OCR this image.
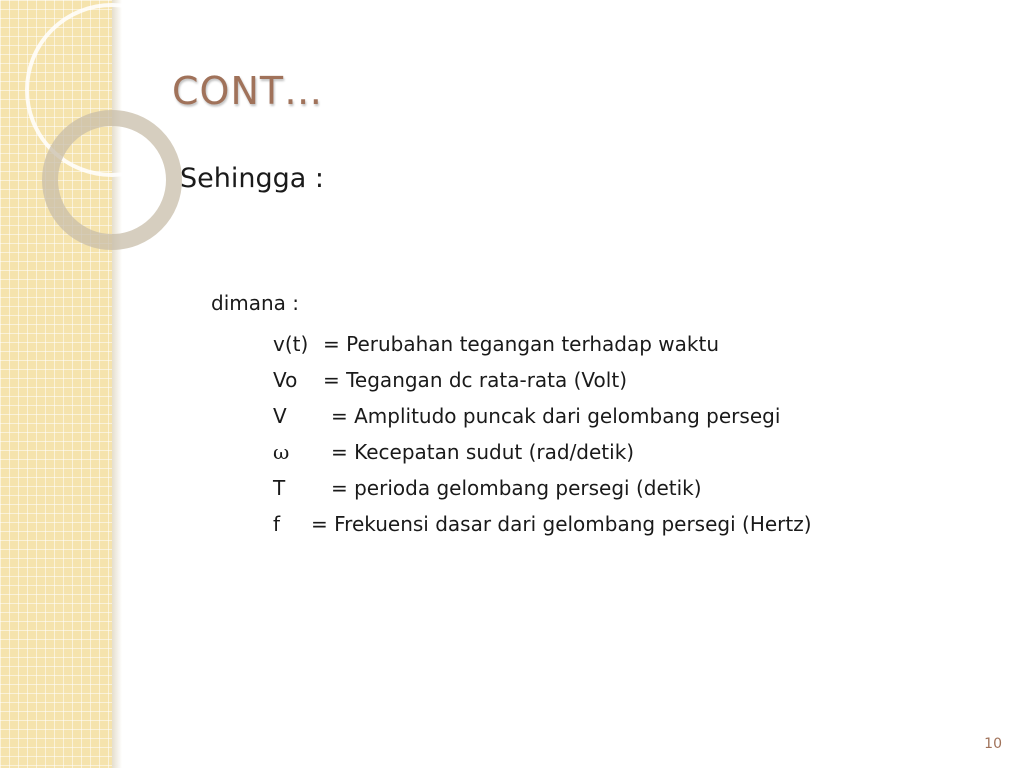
CONT…
Sehingga :
dimana :
v(t) = Perubahan tegangan terhadap waktu
Vo	= Tegangan dc rata-rata (Volt)
V	= Amplitudo puncak dari gelombang persegi
ω	= Kecepatan sudut (rad/detik)
T	= perioda gelombang persegi (detik)
f	= Frekuensi dasar dari gelombang persegi (Hertz)
10
